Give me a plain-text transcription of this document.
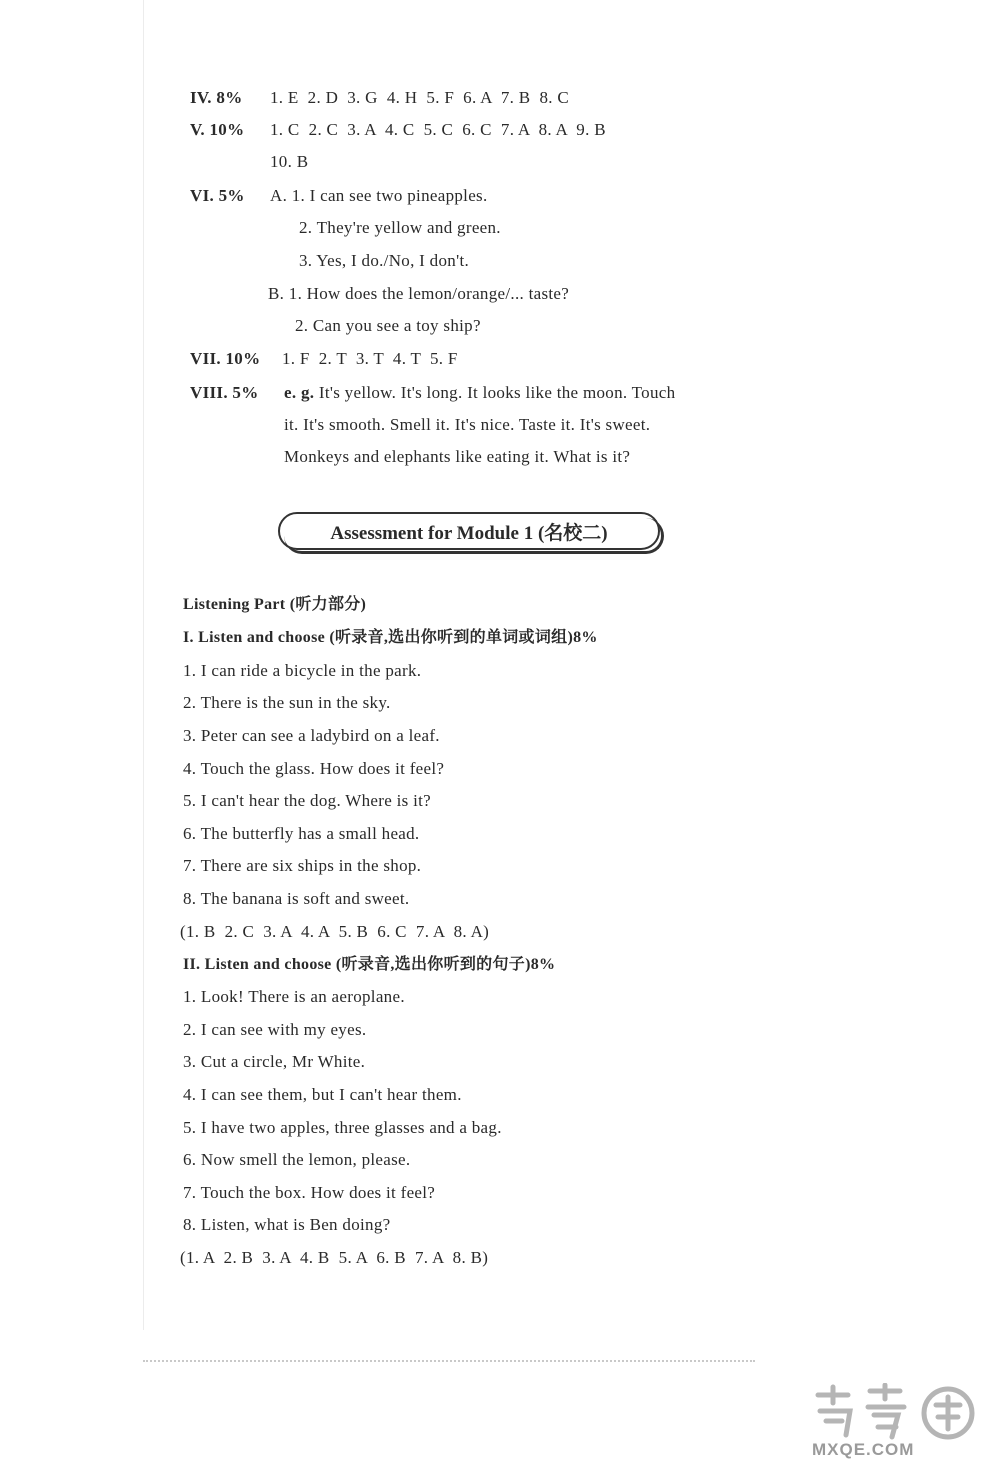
IV. 8% 1. E  2. D  3. G  4. H  5. F  6. A  7. B  8. C
V. 10% 1. C  2. C  3. A  4. C  5. C  6. C  7. A  8. A  9. B
10. B
VI. 5% A. 1. I can see two pineapples.
2. They're yellow and green.
3. Yes, I do./No, I don't.
B. 1. How does the lemon/orange/... taste?
2. Can you see a toy ship?
VII. 10% 1. F  2. T  3. T  4. T  5. F
VIII. 5% e. g. It's yellow. It's long. It looks like the moon. Touch
it. It's smooth. Smell it. It's nice. Taste it. It's sweet.
Monkeys and elephants like eating it. What is it?
Assessment for Module 1 (名校二)
Listening Part (听力部分)
I. Listen and choose (听录音,选出你听到的单词或词组)8%
1. I can ride a bicycle in the park.
2. There is the sun in the sky.
3. Peter can see a ladybird on a leaf.
4. Touch the glass. How does it feel?
5. I can't hear the dog. Where is it?
6. The butterfly has a small head.
7. There are six ships in the shop.
8. The banana is soft and sweet.
(1. B  2. C  3. A  4. A  5. B  6. C  7. A  8. A)
II. Listen and choose (听录音,选出你听到的句子)8%
1. Look! There is an aeroplane.
2. I can see with my eyes.
3. Cut a circle, Mr White.
4. I can see them, but I can't hear them.
5. I have two apples, three glasses and a bag.
6. Now smell the lemon, please.
7. Touch the box. How does it feel?
8. Listen, what is Ben doing?
(1. A  2. B  3. A  4. B  5. A  6. B  7. A  8. B)
MXQE.COM
